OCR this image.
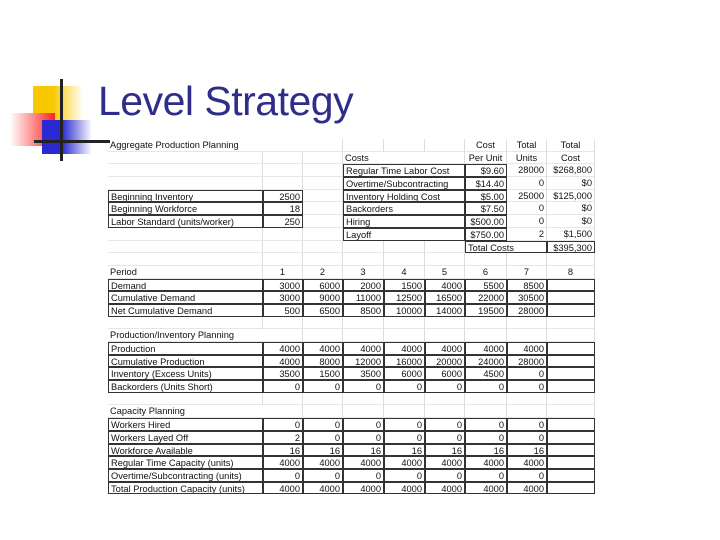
Level Strategy
Aggregate Production Planning	Cost	Total	Total
Costs	Per Unit	Units	Cost
Beginning Inventory	2500
Beginning Workforce	18
Labor Standard (units/worker)	250
Regular Time Labor Cost	$9.60	28000 $268,800
Overtime/Subcontracting	$14.40	0	$0
Inventory Holding Cost	$5.00	25000 $125,000
Backorders	$7.50	0	$0
Hiring	$500.00	0	$0
Layoff	$750.00	2	$1,500
Total Costs	$395,300
Period	1	2	3	4	5	6	7	8
Demand	3000	6000	2000	1500	4000	5500	8500
Cumulative Demand	3000	9000	11000	12500	16500	22000	30500
Net Cumulative Demand	500	6500	8500	10000	14000	19500	28000
Production/Inventory Planning
Production	4000	4000	4000	4000	4000	4000	4000
Cumulative Production	4000	8000	12000	16000	20000	24000	28000
Inventory (Excess Units)	3500	1500	3500	6000	6000	4500	0
Backorders (Units Short)	0	0	0	0	0	0	0
Capacity Planning
Workers Hired	0	0	0	0	0	0	0
Workers Layed Off	2	0	0	0	0	0	0
Workforce Available	16	16	16	16	16	16	16
Regular Time Capacity (units)	4000	4000	4000	4000	4000	4000	4000
Overtime/Subcontracting (units)	0	0	0	0	0	0	0
Total Production Capacity (units)	4000	4000	4000	4000	4000	4000	4000
